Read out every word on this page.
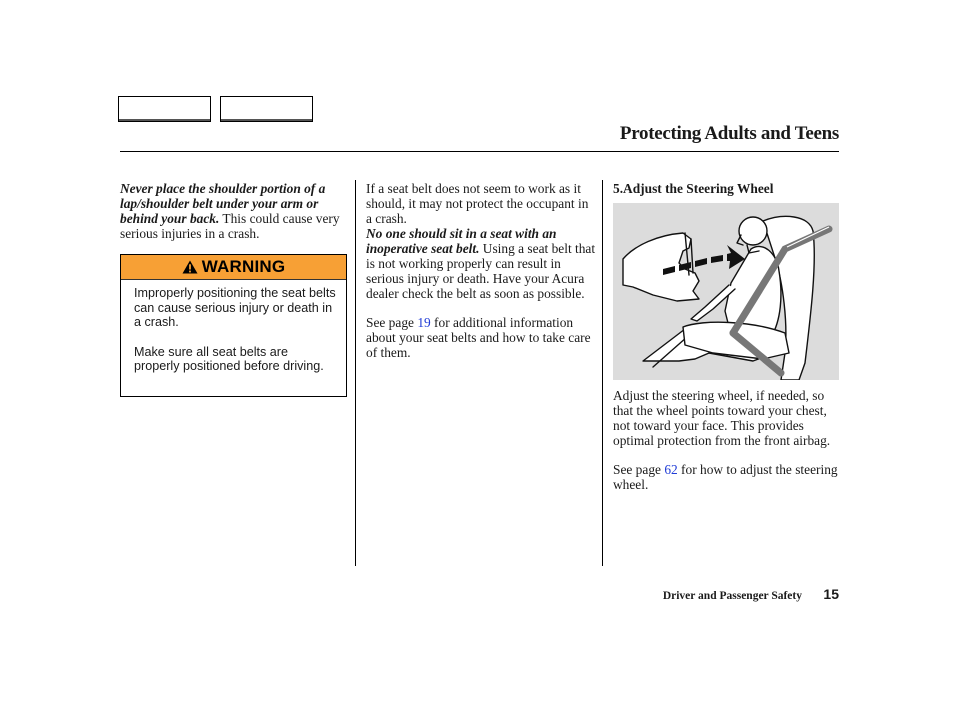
Protecting Adults and Teens

Never place the shoulder portion of a lap/shoulder belt under your arm or behind your back. This could cause very serious injuries in a crash.

WARNING

Improperly positioning the seat belts can cause serious injury or death in a crash.

Make sure all seat belts are properly positioned before driving.

If a seat belt does not seem to work as it should, it may not protect the occupant in a crash.
No one should sit in a seat with an inoperative seat belt. Using a seat belt that is not working properly can result in serious injury or death. Have your Acura dealer check the belt as soon as possible.

See page 19 for additional information about your seat belts and how to take care of them.

5.Adjust the Steering Wheel

Adjust the steering wheel, if needed, so that the wheel points toward your chest, not toward your face. This provides optimal protection from the front airbag.

See page 62 for how to adjust the steering wheel.

Driver and Passenger Safety 15
